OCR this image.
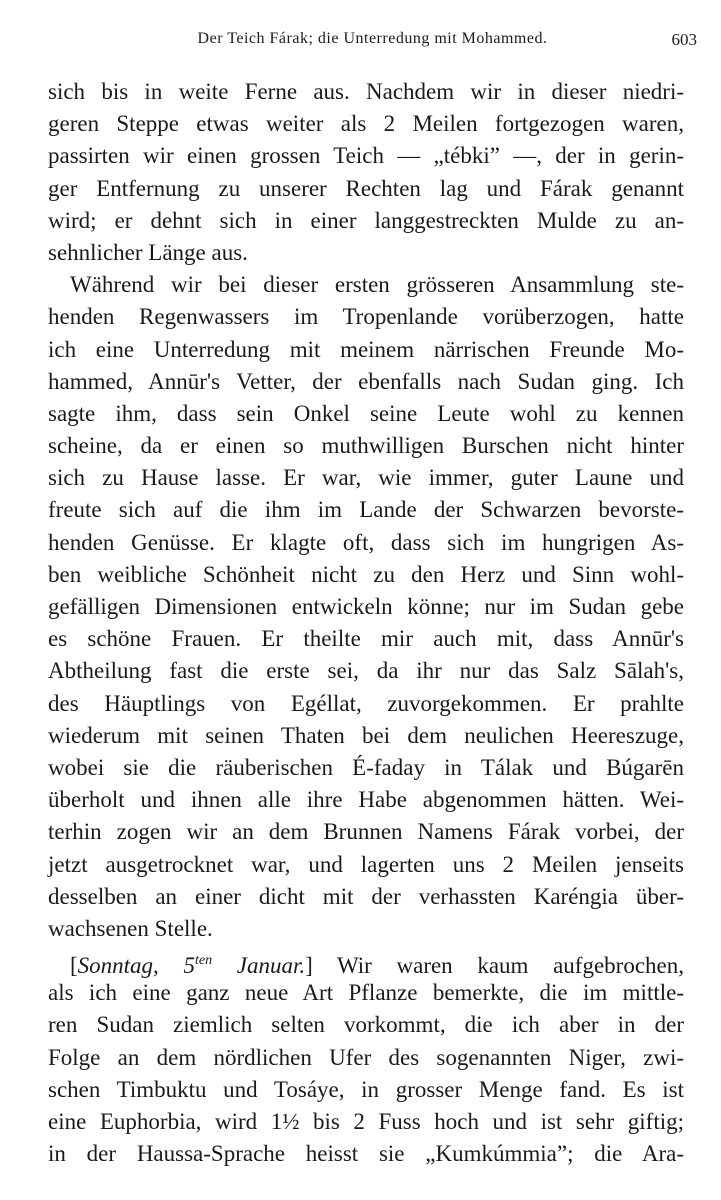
Der Teich Fárak; die Unterredung mit Mohammed.	603
sich bis in weite Ferne aus. Nachdem wir in dieser niedri-
geren Steppe etwas weiter als 2 Meilen fortgezogen waren,
passirten wir einen grossen Teich — „tébki” —, der in gerin-
ger Entfernung zu unserer Rechten lag und Fárak genannt
wird; er dehnt sich in einer langgestreckten Mulde zu an-
sehnlicher Länge aus.
Während wir bei dieser ersten grösseren Ansammlung ste-
henden Regenwassers im Tropenlande vorüberzogen, hatte
ich eine Unterredung mit meinem närrischen Freunde Mo-
hammed, Annūr's Vetter, der ebenfalls nach Sudan ging. Ich
sagte ihm, dass sein Onkel seine Leute wohl zu kennen
scheine, da er einen so muthwilligen Burschen nicht hinter
sich zu Hause lasse. Er war, wie immer, guter Laune und
freute sich auf die ihm im Lande der Schwarzen bevorste-
henden Genüsse. Er klagte oft, dass sich im hungrigen As-
ben weibliche Schönheit nicht zu den Herz und Sinn wohl-
gefälligen Dimensionen entwickeln könne; nur im Sudan gebe
es schöne Frauen. Er theilte mir auch mit, dass Annūr's
Abtheilung fast die erste sei, da ihr nur das Salz Sālah's,
des Häuptlings von Egéllat, zuvorgekommen. Er prahlte
wiederum mit seinen Thaten bei dem neulichen Heereszuge,
wobei sie die räuberischen É-faday in Tálak und Búgarēn
überholt und ihnen alle ihre Habe abgenommen hätten. Wei-
terhin zogen wir an dem Brunnen Namens Fárak vorbei, der
jetzt ausgetrocknet war, und lagerten uns 2 Meilen jenseits
desselben an einer dicht mit der verhassten Karéngia über-
wachsenen Stelle.
[Sonntag, $5^{ten}$ Januar.] Wir waren kaum aufgebrochen,
als ich eine ganz neue Art Pflanze bemerkte, die im mittle-
ren Sudan ziemlich selten vorkommt, die ich aber in der
Folge an dem nördlichen Ufer des sogenannten Niger, zwi-
schen Timbuktu und Tosáye, in grosser Menge fand. Es ist
eine Euphorbia, wird 1½ bis 2 Fuss hoch und ist sehr giftig;
in der Haussa-Sprache heisst sie „Kumkúmmia”; die Ara-
